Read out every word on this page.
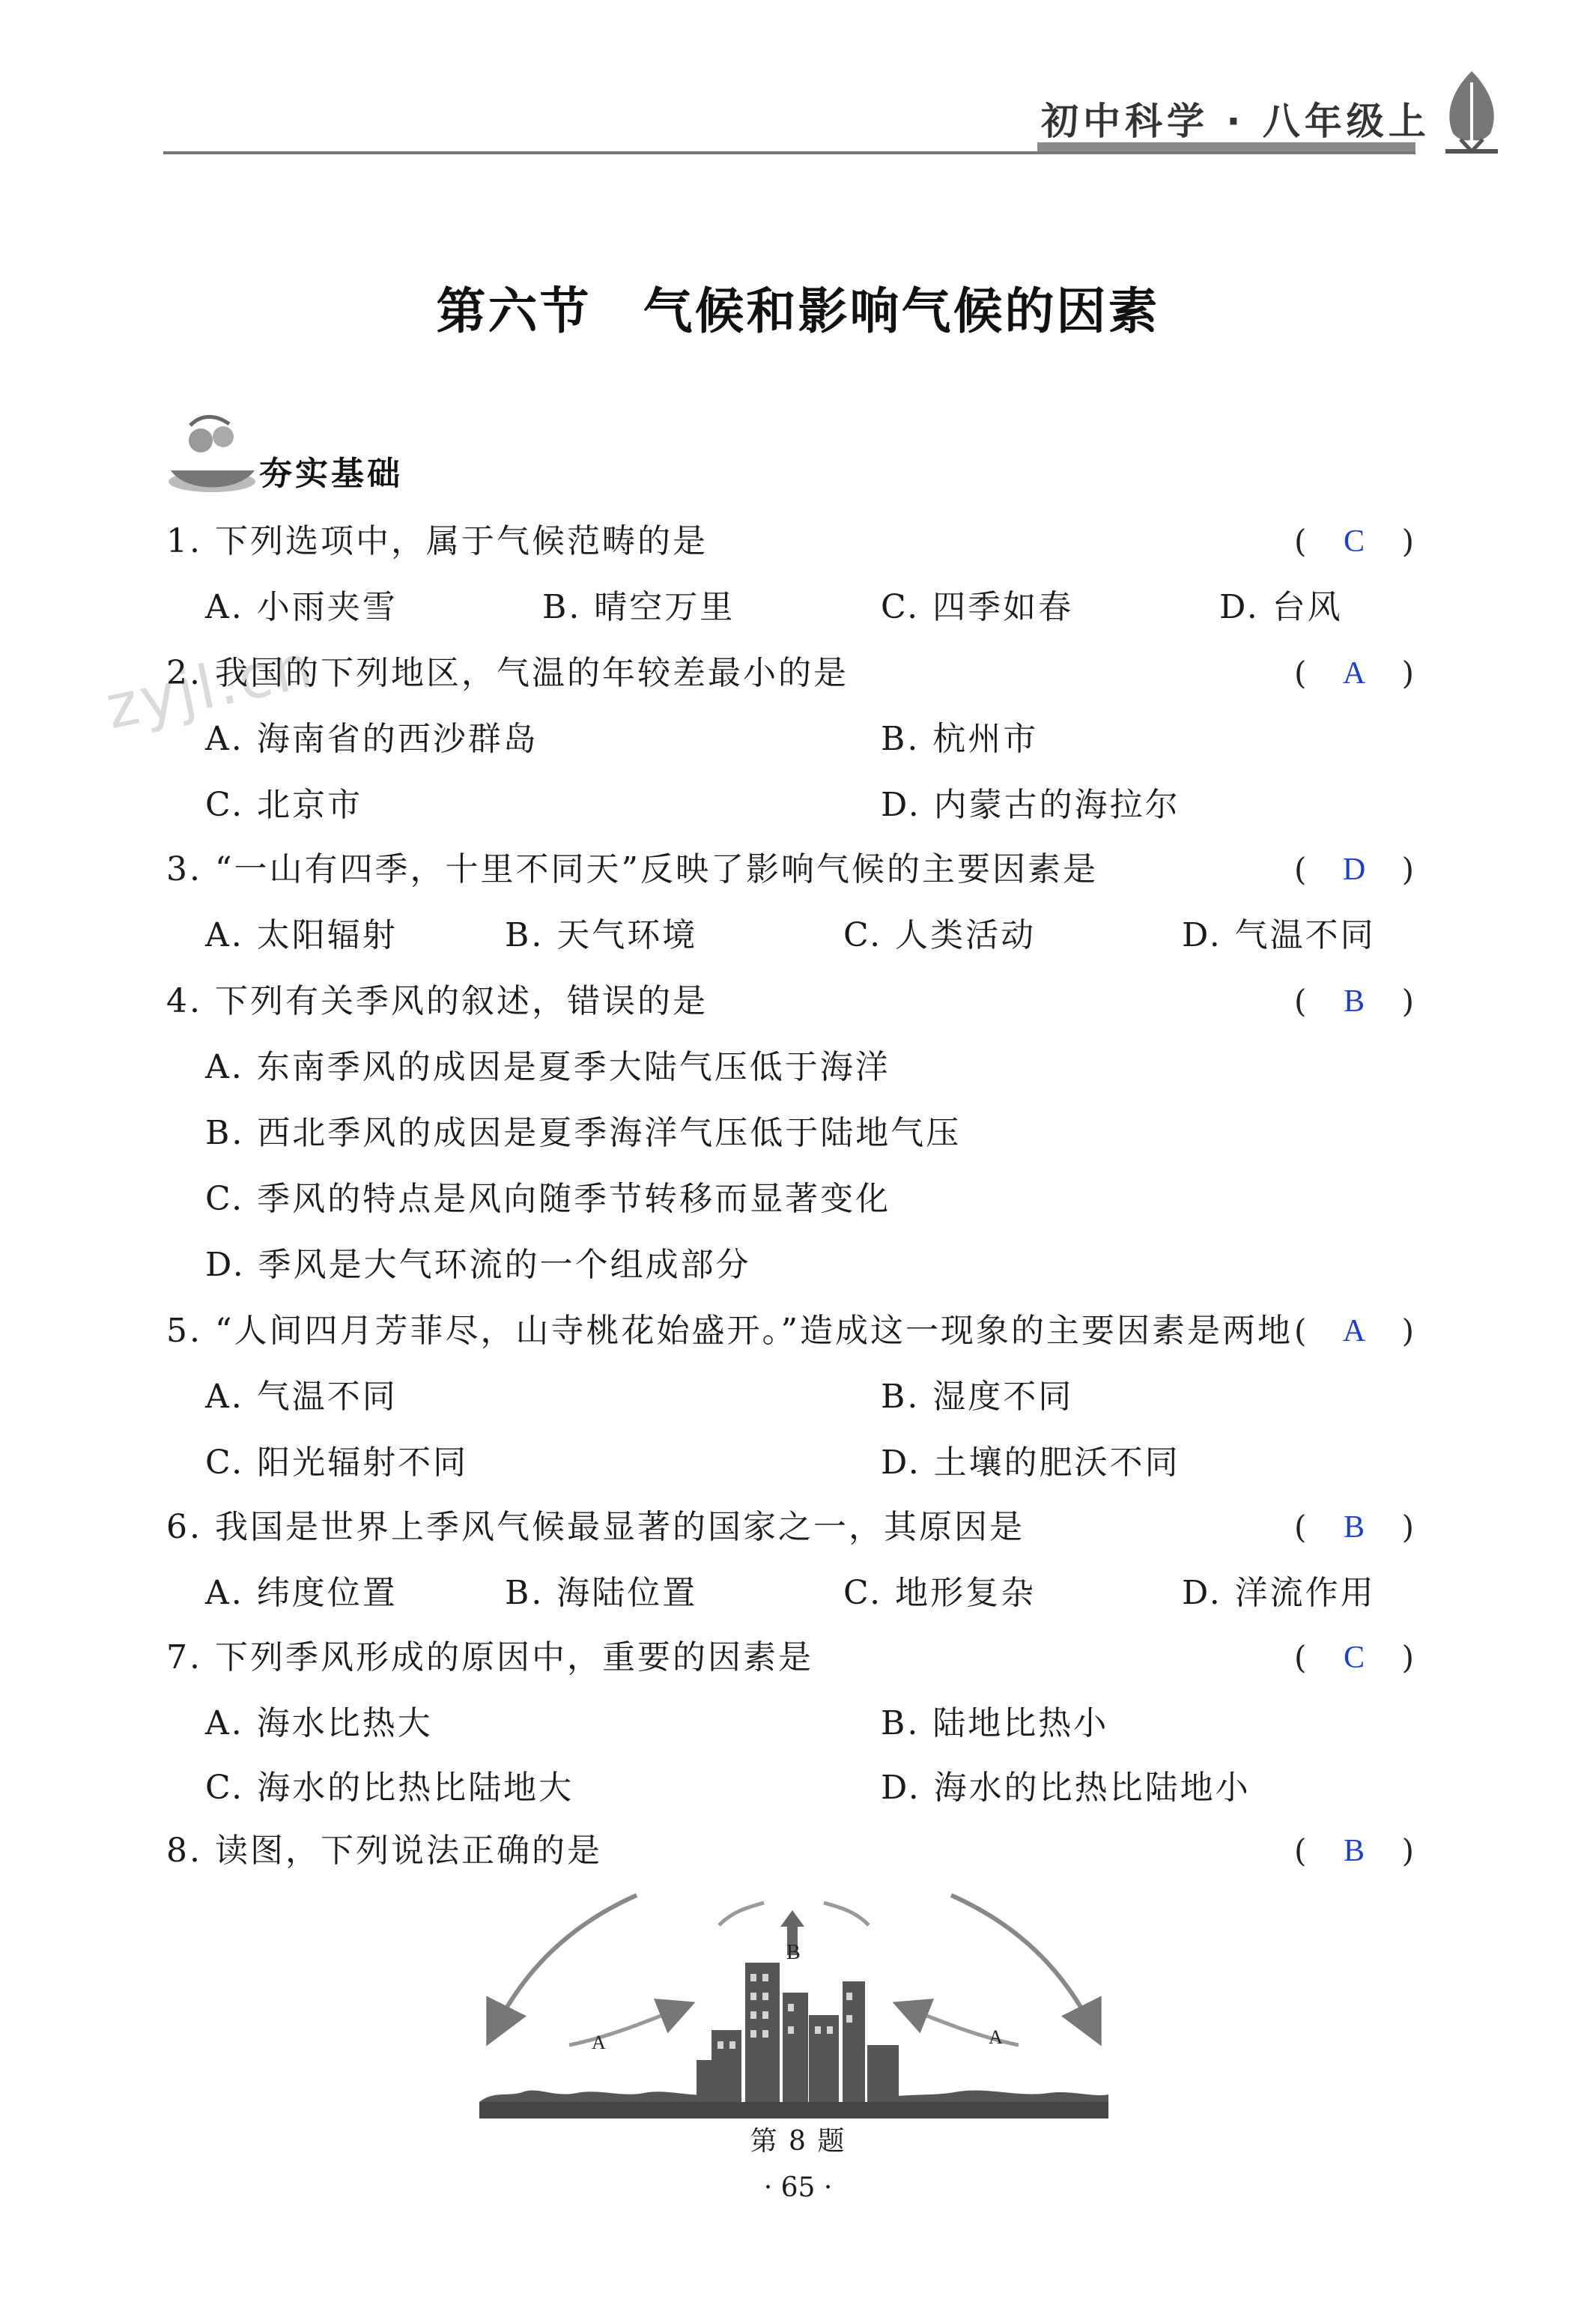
初中科学 · 八年级上
第六节　气候和影响气候的因素
夯实基础
zyjl.cn
1. 下列选项中，属于气候范畴的是	(	C	)
A. 小雨夹雪	B. 晴空万里	C. 四季如春	D. 台风
2. 我国的下列地区，气温的年较差最小的是	(	A	)
A. 海南省的西沙群岛	B. 杭州市
C. 北京市	D. 内蒙古的海拉尔
3. “一山有四季，十里不同天”反映了影响气候的主要因素是	(	D	)
A. 太阳辐射	B. 天气环境	C. 人类活动	D. 气温不同
4. 下列有关季风的叙述，错误的是	(	B	)
A. 东南季风的成因是夏季大陆气压低于海洋
B. 西北季风的成因是夏季海洋气压低于陆地气压
C. 季风的特点是风向随季节转移而显著变化
D. 季风是大气环流的一个组成部分
5. “人间四月芳菲尽，山寺桃花始盛开。”造成这一现象的主要因素是两地 (	A	)
A. 气温不同	B. 湿度不同
C. 阳光辐射不同	D. 土壤的肥沃不同
6. 我国是世界上季风气候最显著的国家之一，其原因是	(	B	)
A. 纬度位置	B. 海陆位置	C. 地形复杂	D. 洋流作用
7. 下列季风形成的原因中，重要的因素是	(	C	)
A. 海水比热大	B. 陆地比热小
C. 海水的比热比陆地大	D. 海水的比热比陆地小
8. 读图，下列说法正确的是	(	B	)
B
A	A
第 8 题
· 65 ·
